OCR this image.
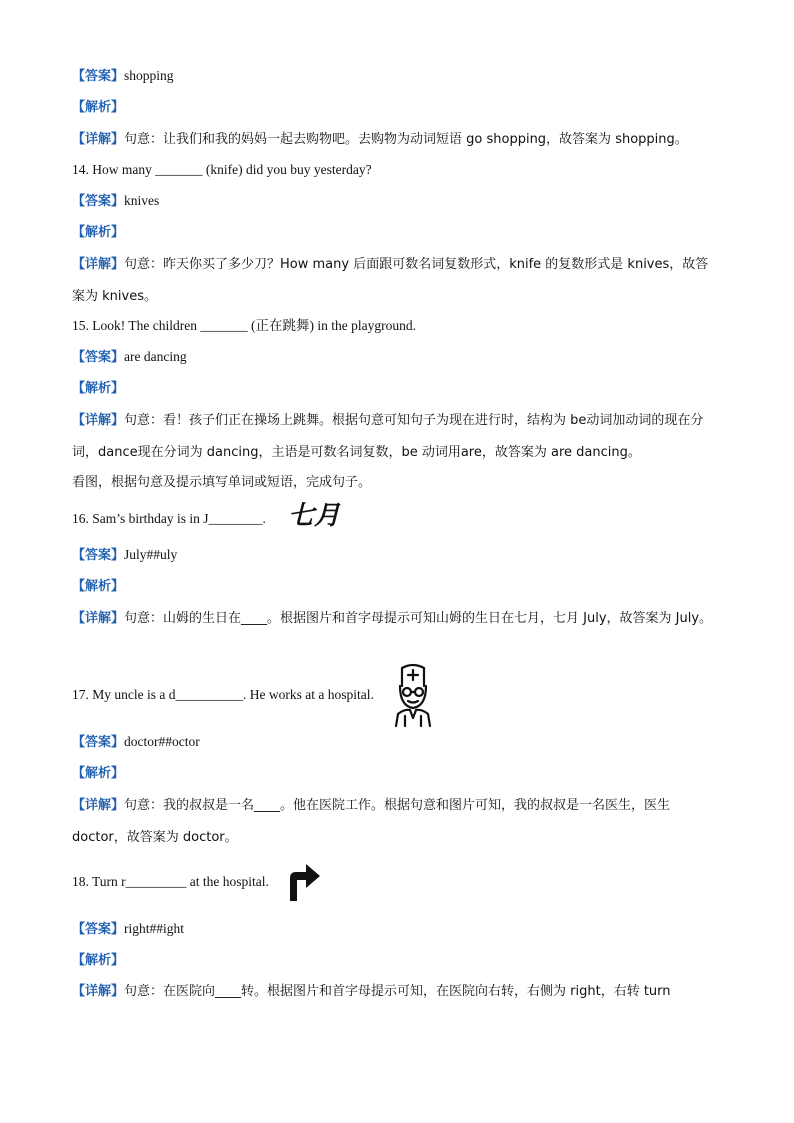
【答案】shopping
【解析】
【详解】句意：让我们和我的妈妈一起去购物吧。去购物为动词短语 go shopping，故答案为 shopping。
14. How many _______ (knife) did you buy yesterday?
【答案】knives
【解析】
【详解】句意：昨天你买了多少刀？How many 后面跟可数名词复数形式，knife 的复数形式是 knives，故答案为 knives。
15. Look! The children _______ (正在跳舞) in the playground.
【答案】are dancing
【解析】
【详解】句意：看！孩子们正在操场上跳舞。根据句意可知句子为现在进行时，结构为 be动词加动词的现在分词，dance现在分词为 dancing，主语是可数名词复数，be 动词用are，故答案为 are dancing。
看图，根据句意及提示填写单词或短语，完成句子。
16. Sam’s birthday is in J________. 七月
【答案】July##uly
【解析】
【详解】句意：山姆的生日在____。根据图片和首字母提示可知山姆的生日在七月，七月 July，故答案为 July。
17. My uncle is a d__________. He works at a hospital.
【答案】doctor##octor
【解析】
【详解】句意：我的叔叔是一名____。他在医院工作。根据句意和图片可知，我的叔叔是一名医生，医生 doctor，故答案为 doctor。
18. Turn r_________ at the hospital.
【答案】right##ight
【解析】
【详解】句意：在医院向____转。根据图片和首字母提示可知，在医院向右转，右侧为 right，右转 turn
